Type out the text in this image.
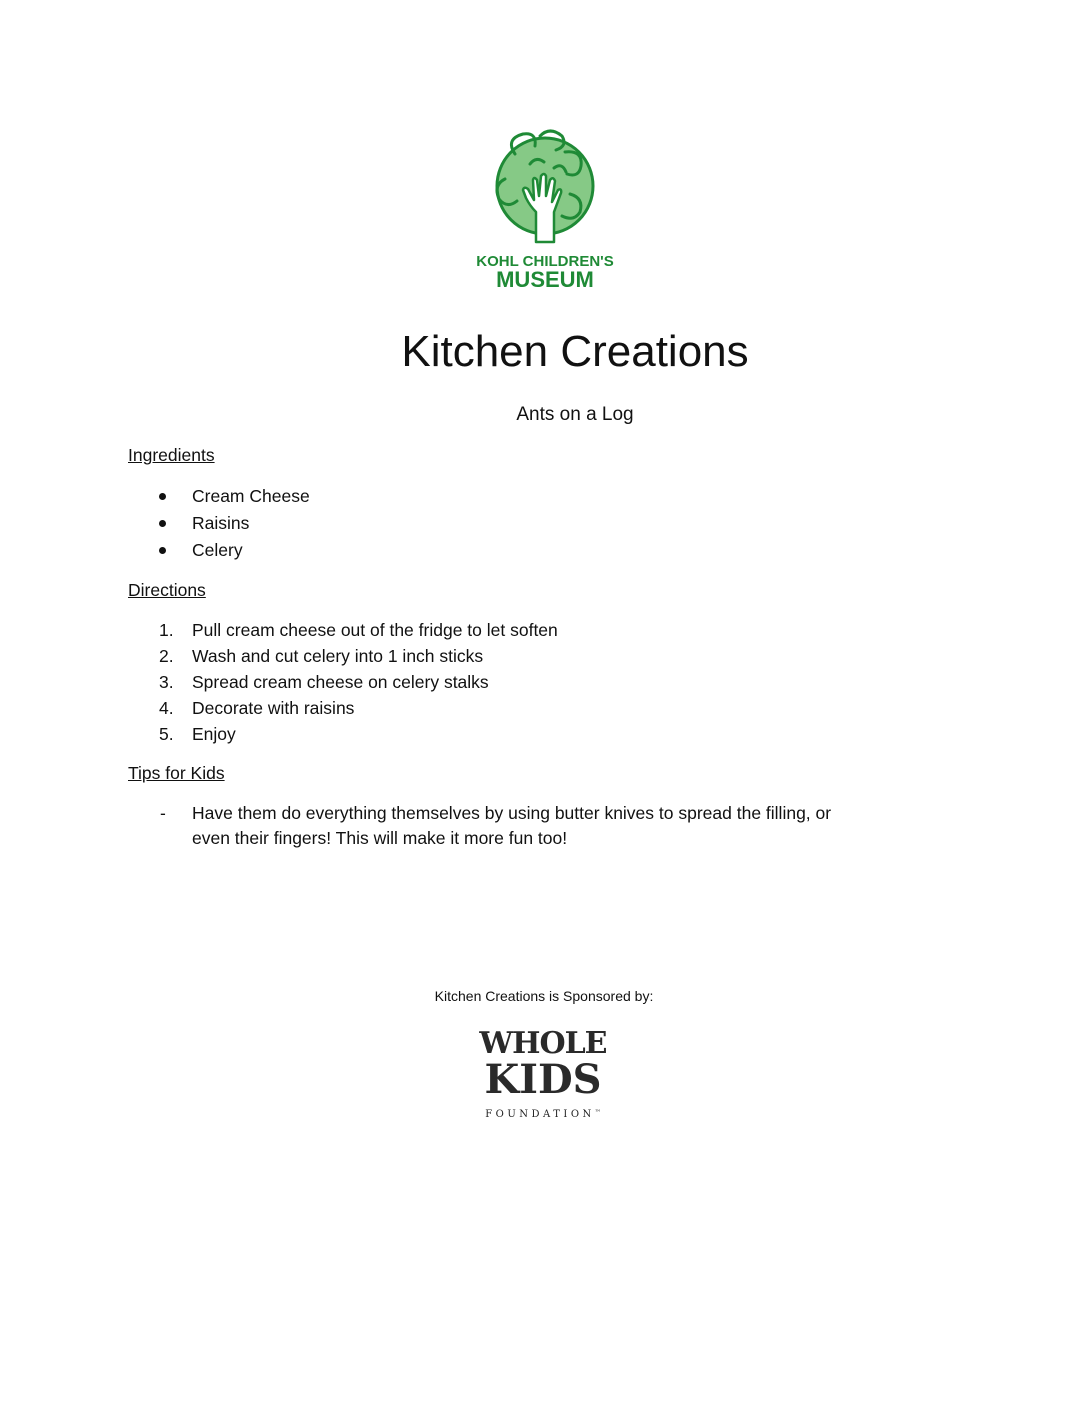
KOHL CHILDREN'S
MUSEUM
Kitchen Creations
Ants on a Log
Ingredients
Cream Cheese
Raisins
Celery
Directions
1. Pull cream cheese out of the fridge to let soften
2. Wash and cut celery into 1 inch sticks
3. Spread cream cheese on celery stalks
4. Decorate with raisins
5. Enjoy
Tips for Kids
- Have them do everything themselves by using butter knives to spread the filling, or even their fingers! This will make it more fun too!
Kitchen Creations is Sponsored by:
WHOLE
KIDS
FOUNDATION™
